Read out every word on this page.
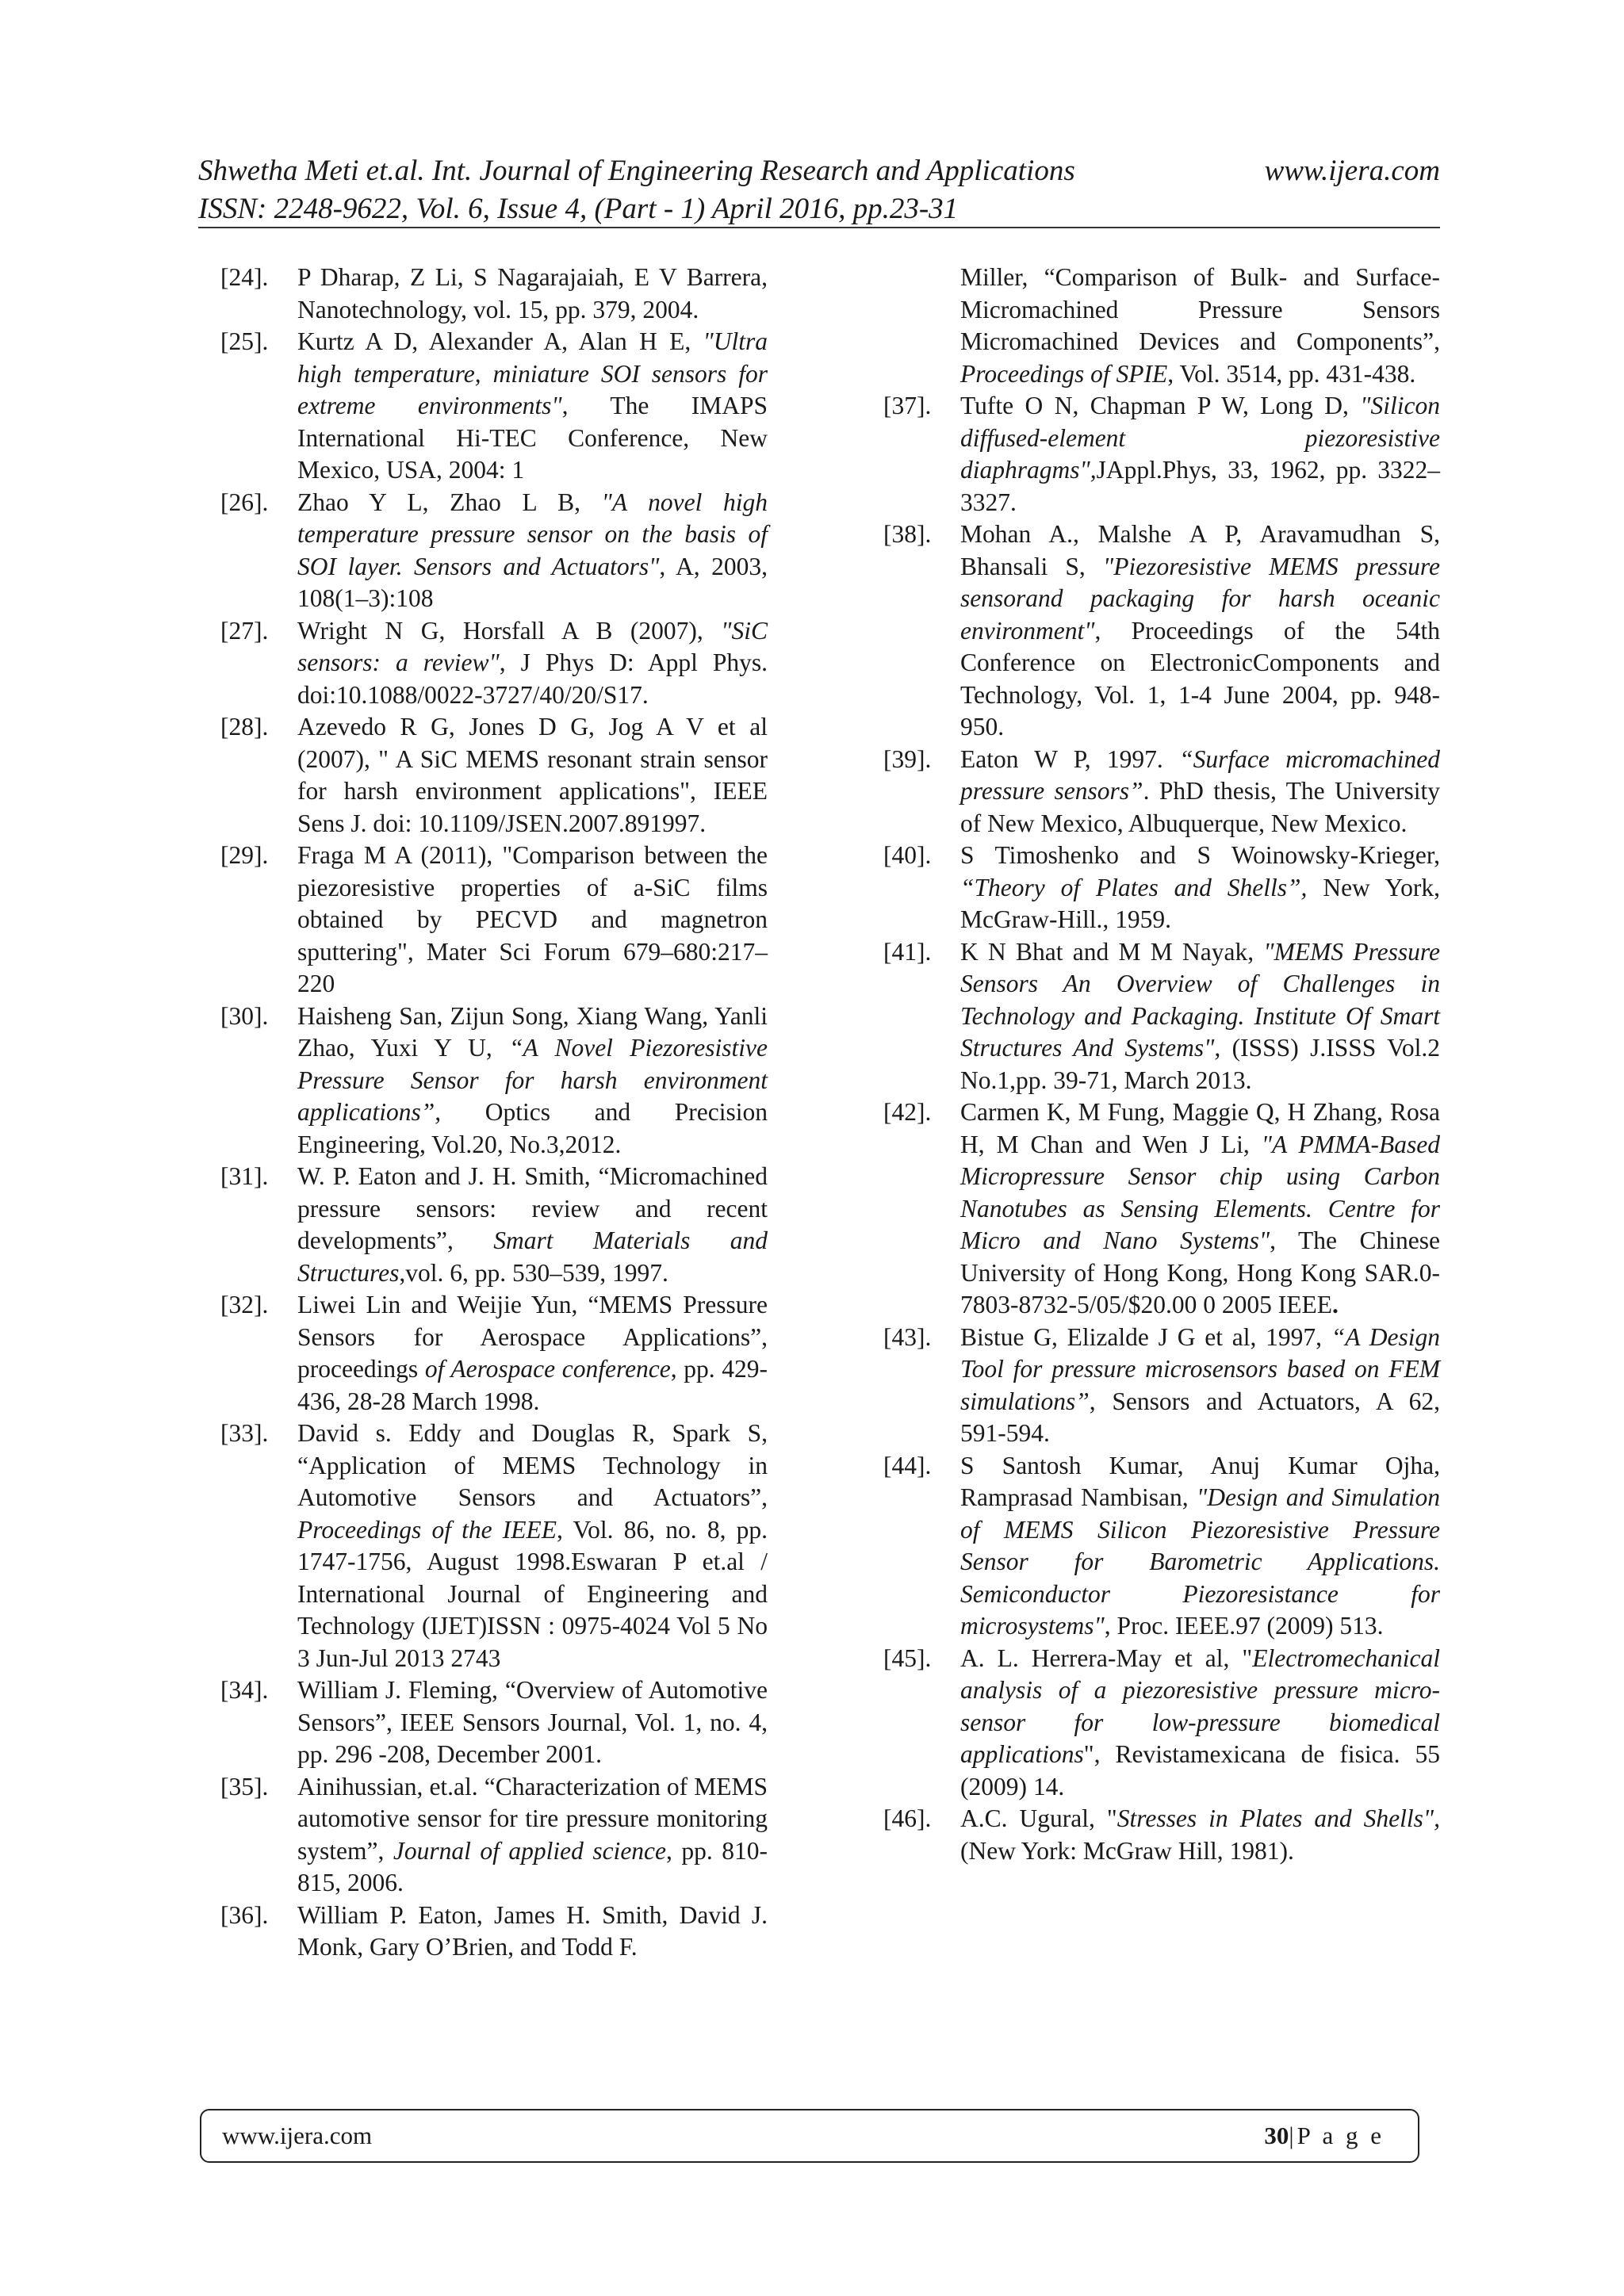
Shwetha Meti et.al. Int. Journal of Engineering Research and Applications	www.ijera.com
ISSN: 2248-9622, Vol. 6, Issue 4, (Part - 1) April 2016, pp.23-31
[24].	P Dharap, Z Li, S Nagarajaiah, E V Barrera, Nanotechnology, vol. 15, pp. 379, 2004.
[25].	Kurtz A D, Alexander A, Alan H E, "Ultra high temperature, miniature SOI sensors for extreme environments", The IMAPS International Hi-TEC Conference, New Mexico, USA, 2004: 1
[26].	Zhao Y L, Zhao L B, "A novel high temperature pressure sensor on the basis of SOI layer. Sensors and Actuators", A, 2003, 108(1–3):108
[27].	Wright N G, Horsfall A B (2007), "SiC sensors: a review", J Phys D: Appl Phys. doi:10.1088/0022-3727/40/20/S17.
[28].	Azevedo R G, Jones D G, Jog A V et al (2007), " A SiC MEMS resonant strain sensor for harsh environment applications", IEEE Sens J. doi: 10.1109/JSEN.2007.891997.
[29].	Fraga M A (2011), "Comparison between the piezoresistive properties of a-SiC films obtained by PECVD and magnetron sputtering", Mater Sci Forum 679–680:217–220
[30].	Haisheng San, Zijun Song, Xiang Wang, Yanli Zhao, Yuxi Y U, “A Novel Piezoresistive Pressure Sensor for harsh environment applications”, Optics and Precision Engineering, Vol.20, No.3,2012.
[31].	W. P. Eaton and J. H. Smith, “Micromachined pressure sensors: review and recent developments”, Smart Materials and Structures,vol. 6, pp. 530–539, 1997.
[32].	Liwei Lin and Weijie Yun, “MEMS Pressure Sensors for Aerospace Applications”, proceedings of Aerospace conference, pp. 429-436, 28-28 March 1998.
[33].	David s. Eddy and Douglas R, Spark S, “Application of MEMS Technology in Automotive Sensors and Actuators”, Proceedings of the IEEE, Vol. 86, no. 8, pp. 1747-1756, August 1998.Eswaran P et.al / International Journal of Engineering and Technology (IJET)ISSN : 0975-4024 Vol 5 No 3 Jun-Jul 2013 2743
[34].	William J. Fleming, “Overview of Automotive Sensors”, IEEE Sensors Journal, Vol. 1, no. 4, pp. 296 -208, December 2001.
[35].	Ainihussian, et.al. “Characterization of MEMS automotive sensor for tire pressure monitoring system”, Journal of applied science, pp. 810-815, 2006.
[36].	William P. Eaton, James H. Smith, David J. Monk, Gary O’Brien, and Todd F.
Miller, “Comparison of Bulk- and Surface- Micromachined Pressure Sensors Micromachined Devices and Components”, Proceedings of SPIE, Vol. 3514, pp. 431-438.
[37].	Tufte O N, Chapman P W, Long D, "Silicon diffused-element piezoresistive diaphragms",JAppl.Phys, 33, 1962, pp. 3322–3327.
[38].	Mohan A., Malshe A P, Aravamudhan S, Bhansali S, "Piezoresistive MEMS pressure sensorand packaging for harsh oceanic environment", Proceedings of the 54th Conference on ElectronicComponents and Technology, Vol. 1, 1-4 June 2004, pp. 948-950.
[39].	Eaton W P, 1997. “Surface micromachined pressure sensors”. PhD thesis, The University of New Mexico, Albuquerque, New Mexico.
[40].	S Timoshenko and S Woinowsky-Krieger, “Theory of Plates and Shells”, New York, McGraw-Hill., 1959.
[41].	K N Bhat and M M Nayak, "MEMS Pressure Sensors An Overview of Challenges in Technology and Packaging. Institute Of Smart Structures And Systems", (ISSS) J.ISSS Vol.2 No.1,pp. 39-71, March 2013.
[42].	Carmen K, M Fung, Maggie Q, H Zhang, Rosa H, M Chan and Wen J Li, "A PMMA-Based Micropressure Sensor chip using Carbon Nanotubes as Sensing Elements. Centre for Micro and Nano Systems", The Chinese University of Hong Kong, Hong Kong SAR.0-7803-8732-5/05/$20.00 0 2005 IEEE.
[43].	Bistue G, Elizalde J G et al, 1997, “A Design Tool for pressure microsensors based on FEM simulations”, Sensors and Actuators, A 62, 591-594.
[44].	S Santosh Kumar, Anuj Kumar Ojha, Ramprasad Nambisan, "Design and Simulation of MEMS Silicon Piezoresistive Pressure Sensor for Barometric Applications. Semiconductor Piezoresistance for microsystems", Proc. IEEE.97 (2009) 513.
[45].	A. L. Herrera-May et al, "Electromechanical analysis of a piezoresistive pressure micro-sensor for low-pressure biomedical applications", Revistamexicana de fisica. 55 (2009) 14.
[46].	A.C. Ugural, "Stresses in Plates and Shells", (New York: McGraw Hill, 1981).
www.ijera.com	30|P a g e
